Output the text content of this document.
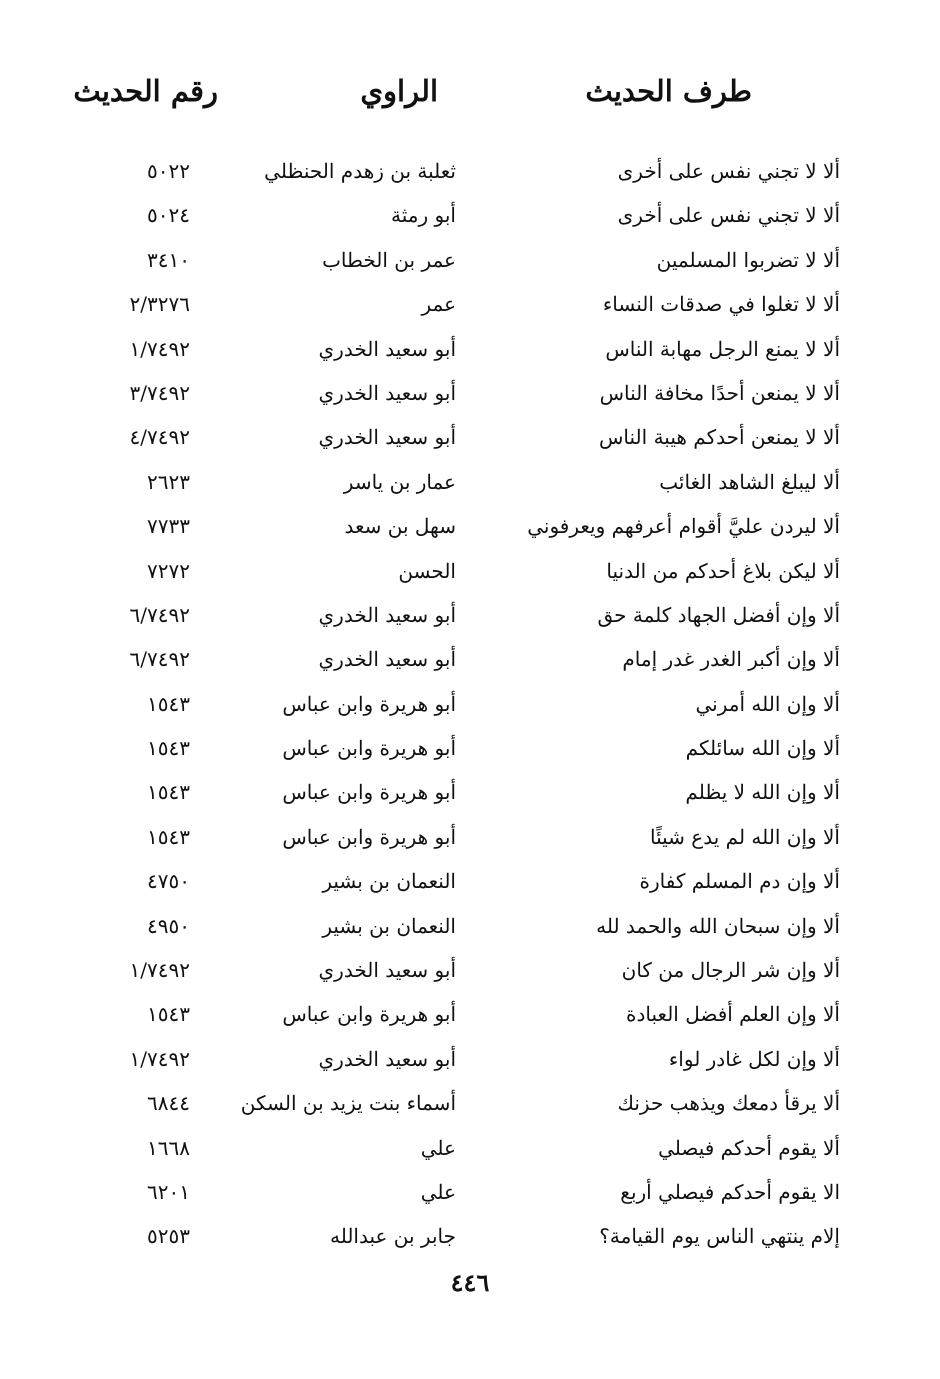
طرف الحديث
الراوي
رقم الحديث
ألا لا تجني نفس على أخرى
ثعلبة بن زهدم الحنظلي
٥٠٢٢
ألا لا تجني نفس على أخرى
أبو رمثة
٥٠٢٤
ألا لا تضربوا المسلمين
عمر بن الخطاب
٣٤١٠
ألا لا تغلوا في صدقات النساء
عمر
٢/٣٢٧٦
ألا لا يمنع الرجل مهابة الناس
أبو سعيد الخدري
١/٧٤٩٢
ألا لا يمنعن أحدًا مخافة الناس
أبو سعيد الخدري
٣/٧٤٩٢
ألا لا يمنعن أحدكم هيبة الناس
أبو سعيد الخدري
٤/٧٤٩٢
ألا ليبلغ الشاهد الغائب
عمار بن ياسر
٢٦٢٣
ألا ليردن عليَّ أقوام أعرفهم ويعرفوني
سهل بن سعد
٧٧٣٣
ألا ليكن بلاغ أحدكم من الدنيا
الحسن
٧٢٧٢
ألا وإن أفضل الجهاد كلمة حق
أبو سعيد الخدري
٦/٧٤٩٢
ألا وإن أكبر الغدر غدر إمام
أبو سعيد الخدري
٦/٧٤٩٢
ألا وإن الله أمرني
أبو هريرة وابن عباس
١٥٤٣
ألا وإن الله سائلكم
أبو هريرة وابن عباس
١٥٤٣
ألا وإن الله لا يظلم
أبو هريرة وابن عباس
١٥٤٣
ألا وإن الله لم يدع شيئًا
أبو هريرة وابن عباس
١٥٤٣
ألا وإن دم المسلم كفارة
النعمان بن بشير
٤٧٥٠
ألا وإن سبحان الله والحمد لله
النعمان بن بشير
٤٩٥٠
ألا وإن شر الرجال من كان
أبو سعيد الخدري
١/٧٤٩٢
ألا وإن العلم أفضل العبادة
أبو هريرة وابن عباس
١٥٤٣
ألا وإن لكل غادر لواء
أبو سعيد الخدري
١/٧٤٩٢
ألا يرقأ دمعك ويذهب حزنك
أسماء بنت يزيد بن السكن
٦٨٤٤
ألا يقوم أحدكم فيصلي
علي
١٦٦٨
الا يقوم أحدكم فيصلي أربع
علي
٦٢٠١
إلام ينتهي الناس يوم القيامة؟
جابر بن عبدالله
٥٢٥٣
٤٤٦
